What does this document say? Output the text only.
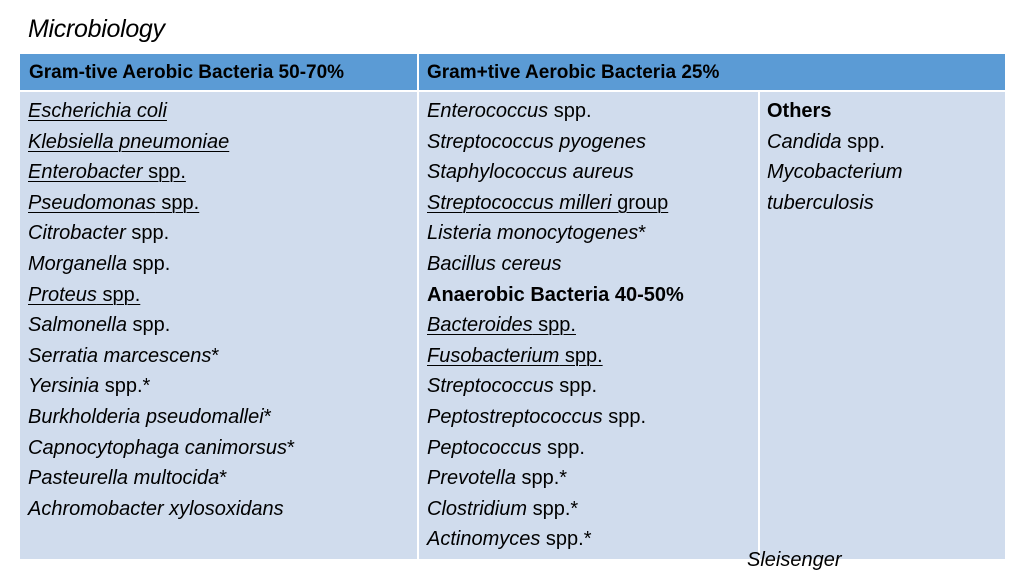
Microbiology
Gram-tive Aerobic Bacteria 50-70%	Gram+tive Aerobic Bacteria 25%
Escherichia coli
Klebsiella pneumoniae
Enterobacter spp.
Pseudomonas spp.
Citrobacter spp.
Morganella spp.
Proteus spp.
Salmonella spp.
Serratia marcescens*
Yersinia spp.*
Burkholderia pseudomallei*
Capnocytophaga canimorsus*
Pasteurella multocida*
Achromobacter xylosoxidans
Enterococcus spp.
Streptococcus pyogenes
Staphylococcus aureus
Streptococcus milleri group
Listeria monocytogenes*
Bacillus cereus
Anaerobic Bacteria 40-50%
Bacteroides spp.
Fusobacterium spp.
Streptococcus spp.
Peptostreptococcus spp.
Peptococcus spp.
Prevotella spp.*
Clostridium spp.*
Actinomyces spp.*
Others
Candida spp.
Mycobacterium
tuberculosis
Sleisenger
